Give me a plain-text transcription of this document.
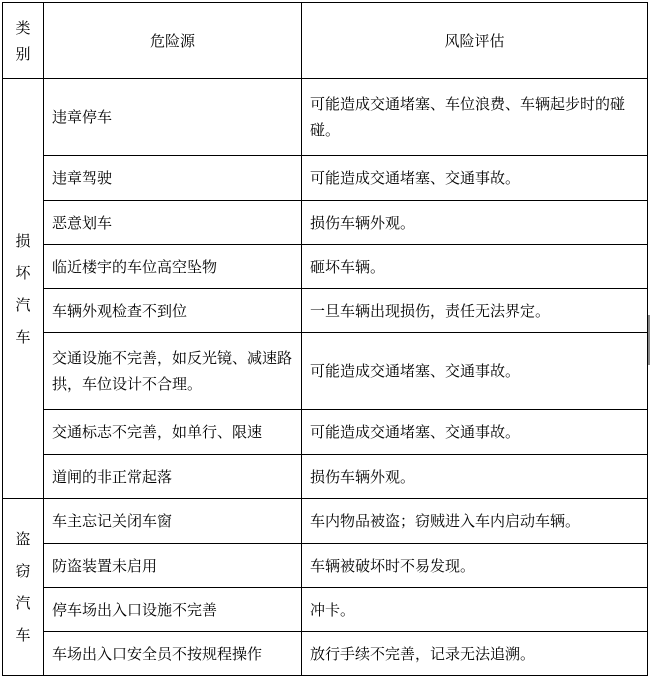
类别	危险源	风险评估

损坏汽车	违章停车	可能造成交通堵塞、车位浪费、车辆起步时的碰碰。
	违章驾驶	可能造成交通堵塞、交通事故。
	恶意划车	损伤车辆外观。
	临近楼宇的车位高空坠物	砸坏车辆。
	车辆外观检查不到位	一旦车辆出现损伤，责任无法界定。
	交通设施不完善，如反光镜、减速路拱，车位设计不合理。	可能造成交通堵塞、交通事故。
	交通标志不完善，如单行、限速	可能造成交通堵塞、交通事故。
	道闸的非正常起落	损伤车辆外观。

盗窃汽车	车主忘记关闭车窗	车内物品被盗；窃贼进入车内启动车辆。
	防盗装置未启用	车辆被破坏时不易发现。
	停车场出入口设施不完善	冲卡。
	车场出入口安全员不按规程操作	放行手续不完善，记录无法追溯。
